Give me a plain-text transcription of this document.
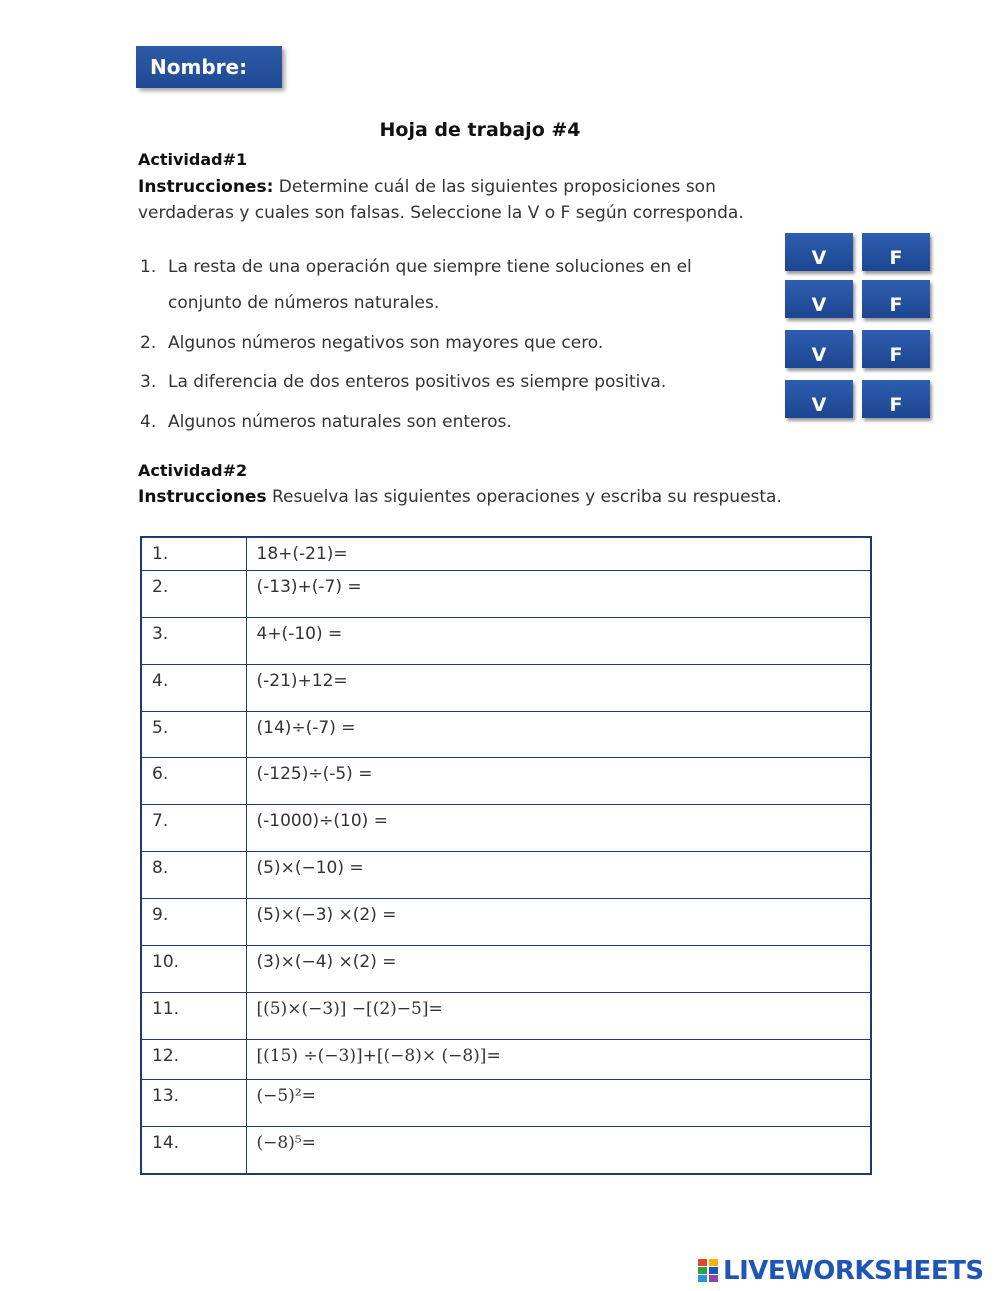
Nombre:
Hoja de trabajo #4
Actividad#1
Instrucciones: Determine cuál de las siguientes proposiciones son
verdaderas y cuales son falsas. Seleccione la V o F según corresponda.
1. La resta de una operación que siempre tiene soluciones en el
conjunto de números naturales.
2. Algunos números negativos son mayores que cero.
3. La diferencia de dos enteros positivos es siempre positiva.
4. Algunos números naturales son enteros.
V	F
V	F
V	F
V	F
Actividad#2
Instrucciones Resuelva las siguientes operaciones y escriba su respuesta.
1.	18+(-21)=
2.	(-13)+(-7) =
3.	4+(-10) =
4.	(-21)+12=
5.	(14)÷(-7) =
6.	(-125)÷(-5) =
7.	(-1000)÷(10) =
8.	(5)×(−10) =
9.	(5)×(−3) ×(2) =
10.	(3)×(−4) ×(2) =
11.	[(5)×(−3)] −[(2)−5]=
12.	[(15) ÷(−3)]+[(−8)× (−8)]=
13.	(−5)²=
14.	(−8)⁵=
LIVEWORKSHEETS
